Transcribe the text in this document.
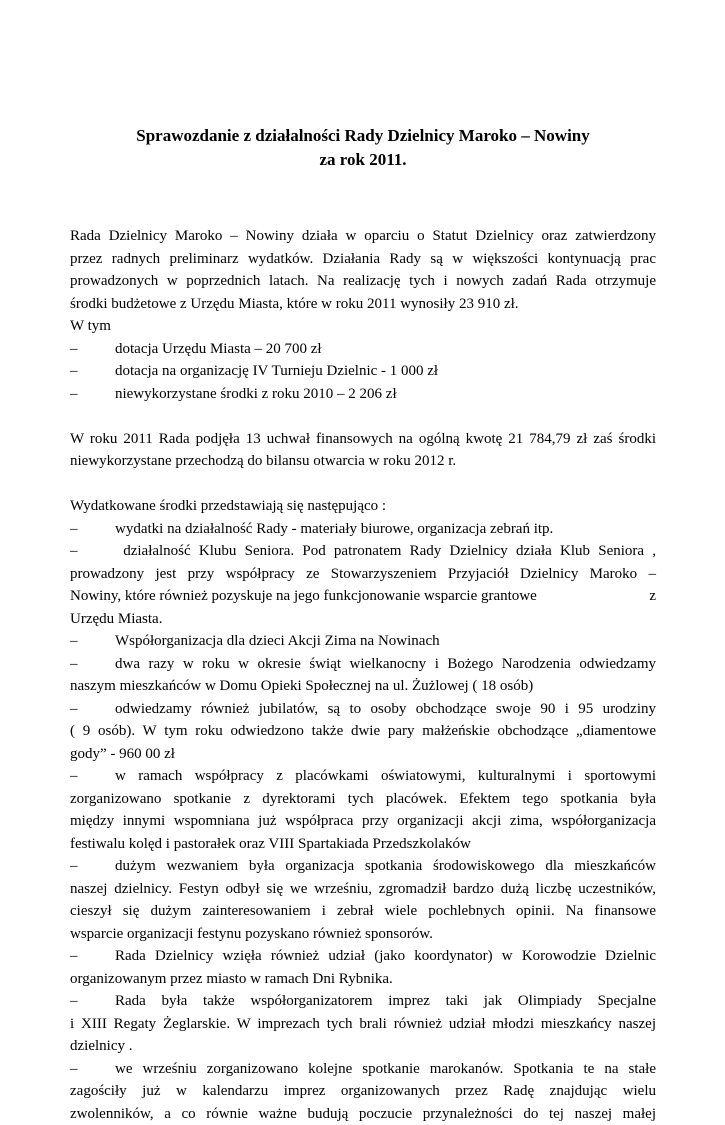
Sprawozdanie z działalności Rady Dzielnicy Maroko – Nowiny
za rok 2011.

Rada Dzielnicy Maroko – Nowiny działa w oparciu o Statut Dzielnicy oraz zatwierdzony
przez radnych preliminarz wydatków. Działania Rady są w większości kontynuacją prac
prowadzonych w poprzednich latach. Na realizację tych i nowych zadań Rada otrzymuje
środki budżetowe z Urzędu Miasta, które w roku 2011 wynosiły 23 910 zł.
W tym

–	dotacja Urzędu Miasta – 20 700 zł
–	dotacja na organizację IV Turnieju Dzielnic - 1 000 zł
–	niewykorzystane środki z roku 2010 – 2 206 zł

W roku 2011 Rada podjęła 13 uchwał finansowych na ogólną kwotę 21 784,79 zł zaś środki
niewykorzystane przechodzą do bilansu otwarcia w roku 2012 r.

Wydatkowane środki przedstawiają się następująco :

–	wydatki na działalność Rady - materiały biurowe, organizacja zebrań itp.
–	działalność Klubu Seniora. Pod patronatem Rady Dzielnicy działa Klub Seniora ,
prowadzony jest przy współpracy ze Stowarzyszeniem Przyjaciół Dzielnicy Maroko –
Nowiny, które również pozyskuje na jego funkcjonowanie wsparcie grantowe	z
Urzędu Miasta.
–	Współorganizacja dla dzieci Akcji Zima na Nowinach
–	dwa razy w roku w okresie świąt wielkanocny i Bożego Narodzenia odwiedzamy
naszym mieszkańców w Domu Opieki Społecznej na ul. Żużlowej ( 18 osób)
–	odwiedzamy również jubilatów, są to osoby obchodzące swoje 90 i 95 urodziny
( 9 osób). W tym roku odwiedzono także dwie pary małżeńskie obchodzące „diamentowe
gody” - 960 00 zł
–	w ramach współpracy z placówkami oświatowymi, kulturalnymi i sportowymi
zorganizowano spotkanie z dyrektorami tych placówek. Efektem tego spotkania była
między innymi wspomniana już współpraca przy organizacji akcji zima, współorganizacja
festiwalu kolęd i pastorałek oraz VIII Spartakiada Przedszkolaków
–	dużym wezwaniem była organizacja spotkania środowiskowego dla mieszkańców
naszej dzielnicy. Festyn odbył się we wrześniu, zgromadził bardzo dużą liczbę uczestników,
cieszył się dużym zainteresowaniem i zebrał wiele pochlebnych opinii. Na finansowe
wsparcie organizacji festynu pozyskano również sponsorów.
–	Rada Dzielnicy wzięła również udział (jako koordynator) w Korowodzie Dzielnic
organizowanym przez miasto w ramach Dni Rybnika.
–	Rada była także współorganizatorem imprez taki jak Olimpiady Specjalne
i XIII Regaty Żeglarskie. W imprezach tych brali również udział młodzi mieszkańcy naszej
dzielnicy .
–	we wrześniu zorganizowano kolejne spotkanie marokanów. Spotkania te na stałe
zagościły już w kalendarzu imprez organizowanych przez Radę znajdując wielu
zwolenników, a co równie ważne budują poczucie przynależności do tej naszej małej
